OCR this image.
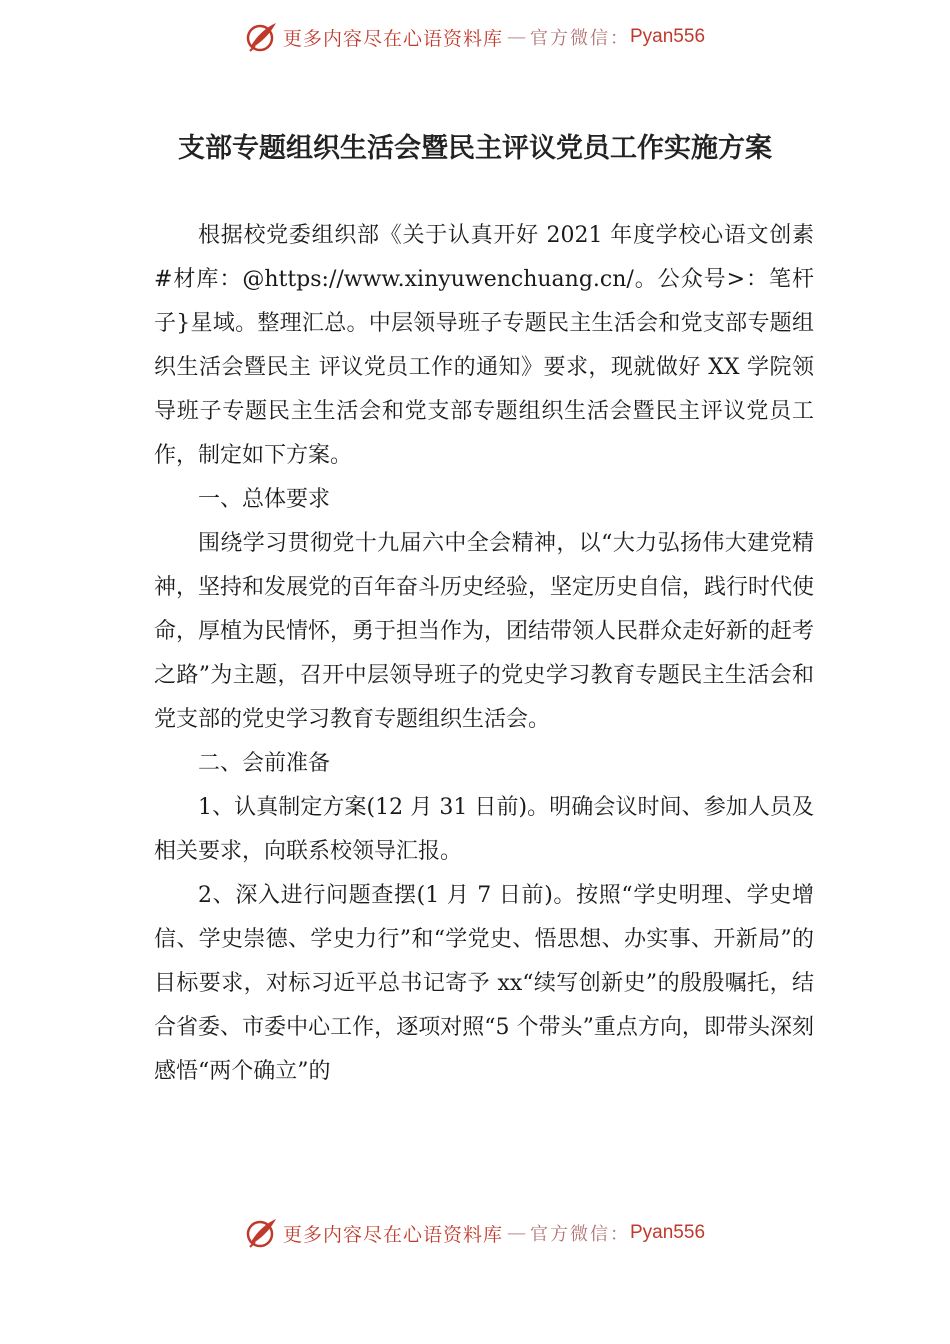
更多内容尽在心语资料库 — 官方微信： Pyan556
支部专题组织生活会暨民主评议党员工作实施方案

根据校党委组织部《关于认真开好 2021 年度学校心语文创素#材库：@https://www.xinyuwenchuang.cn/。公众号>：笔杆子}星域。整理汇总。中层领导班子专题民主生活会和党支部专题组织生活会暨民主 评议党员工作的通知》要求，现就做好 XX 学院领导班子专题民主生活会和党支部专题组织生活会暨民主评议党员工 作，制定如下方案。

一、总体要求

围绕学习贯彻党十九届六中全会精神，以“大力弘扬伟大建党精神，坚持和发展党的百年奋斗历史经验，坚定历史自信，践行时代使命，厚植为民情怀，勇于担当作为，团结带领人民群众走好新的赶考之路”为主题，召开中层领导班子的党史学习教育专题民主生活会和党支部的党史学习教育专题组织生活会。

二、会前准备

1、认真制定方案(12 月 31 日前)。明确会议时间、参加人员及相关要求，向联系校领导汇报。

2、深入进行问题查摆(1 月 7 日前)。按照“学史明理、学史增信、学史崇德、学史力行”和“学党史、悟思想、办实事、开新局”的目标要求，对标习近平总书记寄予 xx“续写创新史”的殷殷嘱托，结合省委、市委中心工作，逐项对照“5 个带头”重点方向，即带头深刻感悟“两个确立”的

更多内容尽在心语资料库 — 官方微信： Pyan556
